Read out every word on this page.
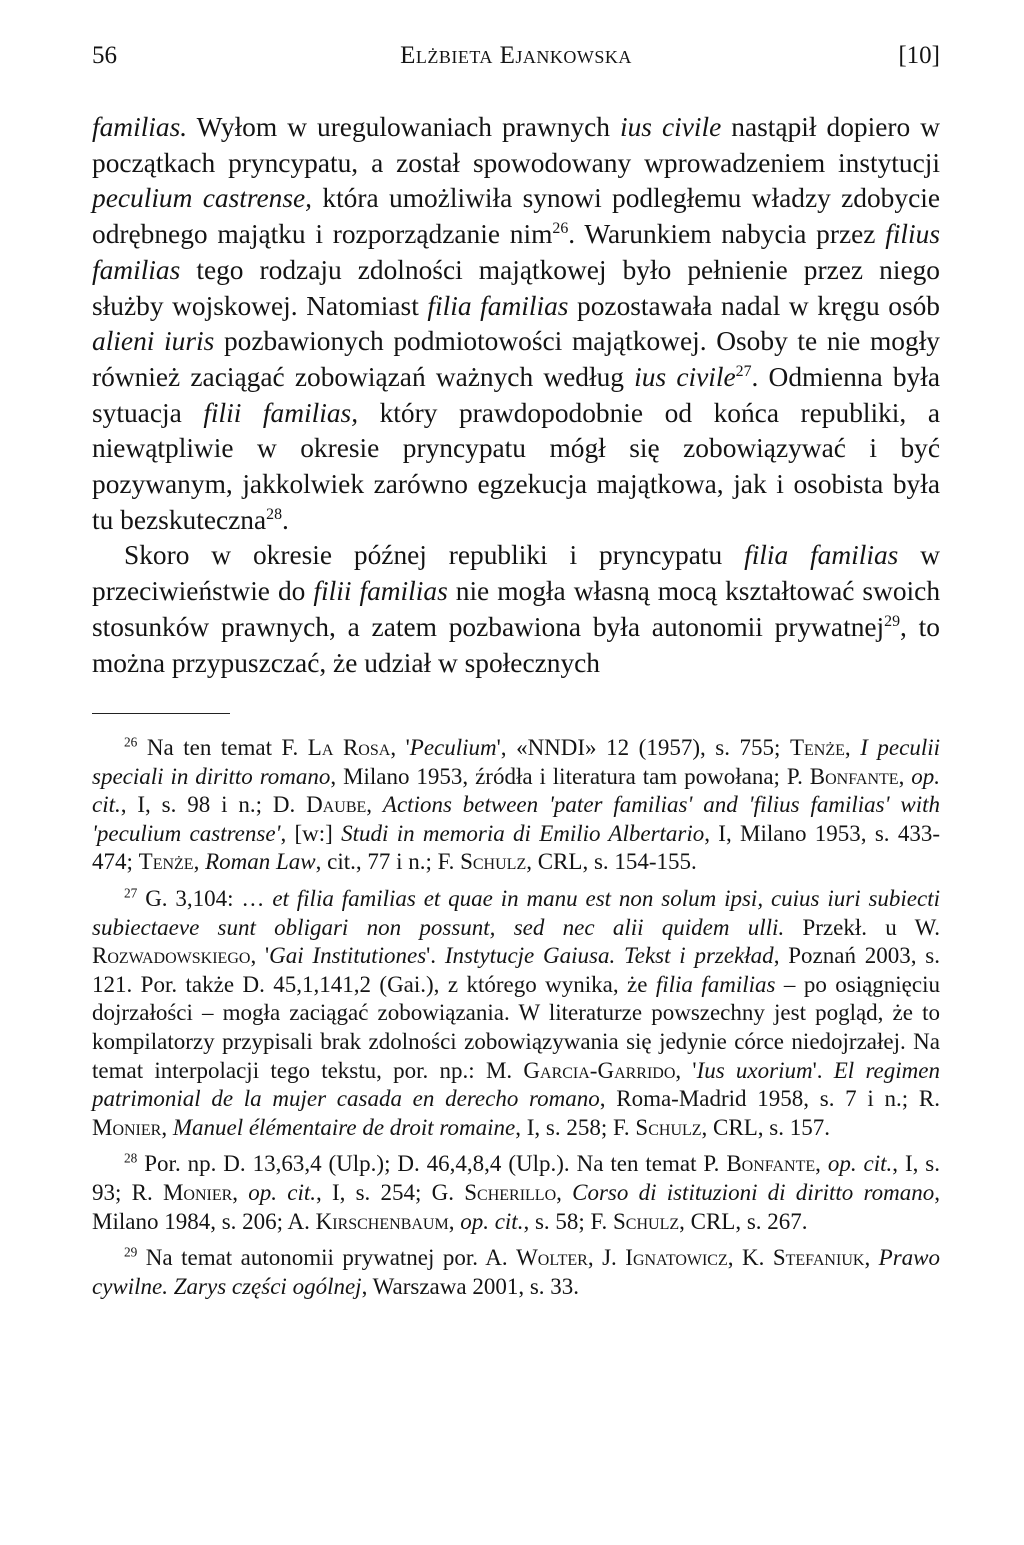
56	Elżbieta Ejankowska	[10]

familias. Wyłom w uregulowaniach prawnych ius civile nastąpił dopiero w początkach pryncypatu, a został spowodowany wprowadzeniem instytucji peculium castrense, która umożliwiła synowi podległemu władzy zdobycie odrębnego majątku i rozporządzanie nim$^{26}$. Warunkiem nabycia przez filius familias tego rodzaju zdolności majątkowej było pełnienie przez niego służby wojskowej. Natomiast filia familias pozostawała nadal w kręgu osób alieni iuris pozbawionych podmiotowości majątkowej. Osoby te nie mogły również zaciągać zobowiązań ważnych według ius civile$^{27}$. Odmienna była sytuacja filii familias, który prawdopodobnie od końca republiki, a niewątpliwie w okresie pryncypatu mógł się zobowiązywać i być pozywanym, jakkolwiek zarówno egzekucja majątkowa, jak i osobista była tu bezskuteczna$^{28}$.

Skoro w okresie późnej republiki i pryncypatu filia familias w przeciwieństwie do filii familias nie mogła własną mocą kształtować swoich stosunków prawnych, a zatem pozbawiona była autonomii prywatnej$^{29}$, to można przypuszczać, że udział w społecznych

$^{26}$ Na ten temat F. La Rosa, 'Peculium', «NNDI» 12 (1957), s. 755; Tenże, I peculii speciali in diritto romano, Milano 1953, źródła i literatura tam powołana; P. Bonfante, op. cit., I, s. 98 i n.; D. Daube, Actions between 'pater familias' and 'filius familias' with 'peculium castrense', [w:] Studi in memoria di Emilio Albertario, I, Milano 1953, s. 433-474; Tenże, Roman Law, cit., 77 i n.; F. Schulz, CRL, s. 154-155.

$^{27}$ G. 3,104: … et filia familias et quae in manu est non solum ipsi, cuius iuri subiecti subiectaeve sunt obligari non possunt, sed nec alii quidem ulli. Przekł. u W. Rozwadowskiego, 'Gai Institutiones'. Instytucje Gaiusa. Tekst i przekład, Poznań 2003, s. 121. Por. także D. 45,1,141,2 (Gai.), z którego wynika, że filia familias – po osiągnięciu dojrzałości – mogła zaciągać zobowiązania. W literaturze powszechny jest pogląd, że to kompilatorzy przypisali brak zdolności zobowiązywania się jedynie córce niedojrzałej. Na temat interpolacji tego tekstu, por. np.: M. Garcia-Garrido, 'Ius uxorium'. El regimen patrimonial de la mujer casada en derecho romano, Roma-Madrid 1958, s. 7 i n.; R. Monier, Manuel élémentaire de droit romaine, I, s. 258; F. Schulz, CRL, s. 157.

$^{28}$ Por. np. D. 13,63,4 (Ulp.); D. 46,4,8,4 (Ulp.). Na ten temat P. Bonfante, op. cit., I, s. 93; R. Monier, op. cit., I, s. 254; G. Scherillo, Corso di istituzioni di diritto romano, Milano 1984, s. 206; A. Kirschenbaum, op. cit., s. 58; F. Schulz, CRL, s. 267.

$^{29}$ Na temat autonomii prywatnej por. A. Wolter, J. Ignatowicz, K. Stefaniuk, Prawo cywilne. Zarys części ogólnej, Warszawa 2001, s. 33.
